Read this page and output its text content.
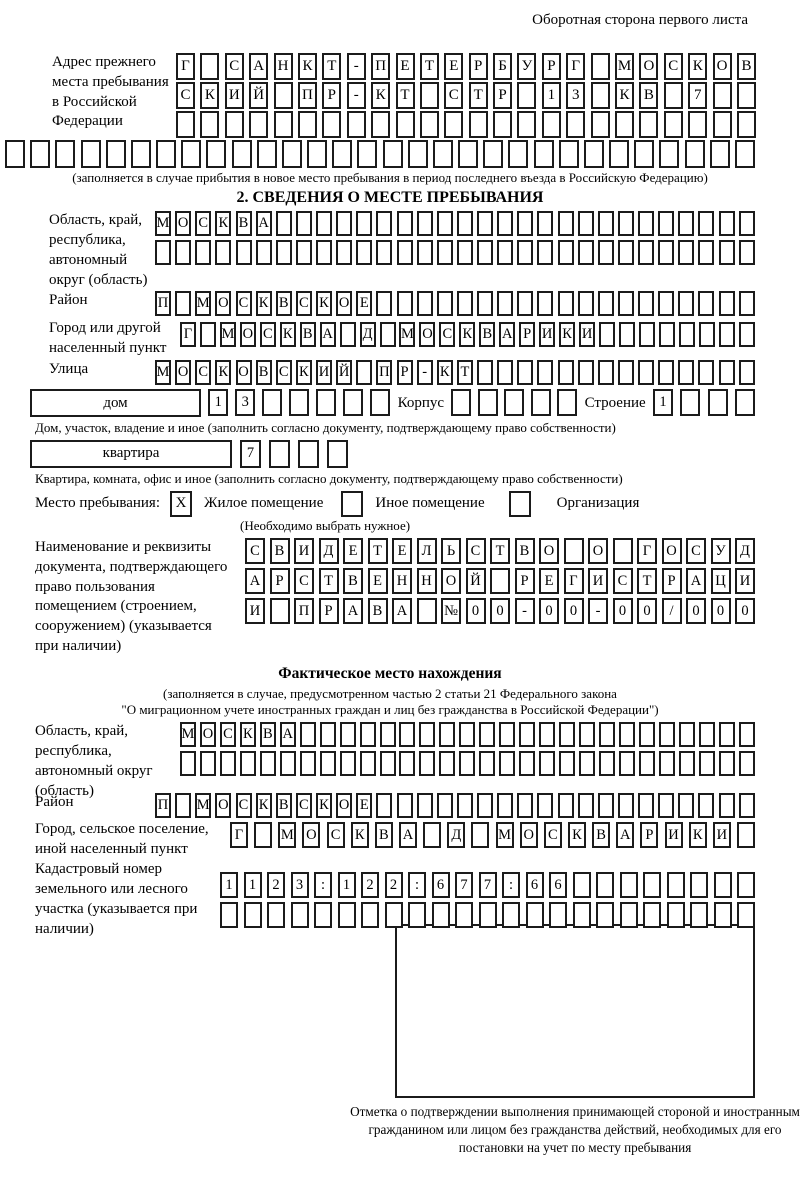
Оборотная сторона первого листа
Адрес прежнего места пребывания в Российской Федерации
Г	С А Н К Т	-	П Е	Т	Е	Р	Б У Р	Г	М О С К О В
С К И Й	П Р	-	К Т	С Т	Р	1	3	К В	7
(заполняется в случае прибытия в новое место пребывания в период последнего въезда в Российскую Федерацию)
2. СВЕДЕНИЯ О МЕСТЕ ПРЕБЫВАНИЯ
Область, край, республика, автономный округ (область)
М О С К В А
Район	П М О С К В С К О Е
Город или другой населенный пункт
Г М О С К В А Д М О С К В А Р И К И
Улица	М О С К О В С К И Й П Р - К Т
дом	1	3	Корпус	Строение 1
Дом, участок, владение и иное (заполнить согласно документу, подтверждающему право собственности)
квартира	7
Квартира, комната, офис и иное (заполнить согласно документу, подтверждающему право собственности)
Место пребывания:	X	Жилое помещение	Иное помещение	Организация
(Необходимо выбрать нужное)
Наименование и реквизиты документа, подтверждающего право пользования помещением (строением, сооружением) (указывается при наличии)
С	В И Д	Е	Т	Е	Л	Ь	С	Т	В О	О	Г	О С	У Д
А	Р	С	Т	В	Е	Н Н О Й	Р	Е	Г	И С	Т	Р	А Ц И
И	П	Р	А В А	№ 0	0	-	0	0	-	0	0	/	0	0	0
Фактическое место нахождения
(заполняется в случае, предусмотренном частью 2 статьи 21 Федерального закона
"О миграционном учете иностранных граждан и лиц без гражданства в Российской Федерации")
Область, край, республика, автономный округ (область)
М О С К В А
Район	П М О С К В С К О Е
Город, сельское поселение, иной населенный пункт
Г	М О С К В А	Д	М О С К В А	Р	И К И
Кадастровый номер земельного или лесного участка (указывается при наличии)
1	1	2	3	:	1	2	2	:	6	7	7	:	6	6
Отметка о подтверждении выполнения принимающей стороной и иностранным гражданином или лицом без гражданства действий, необходимых для его постановки на учет по месту пребывания
